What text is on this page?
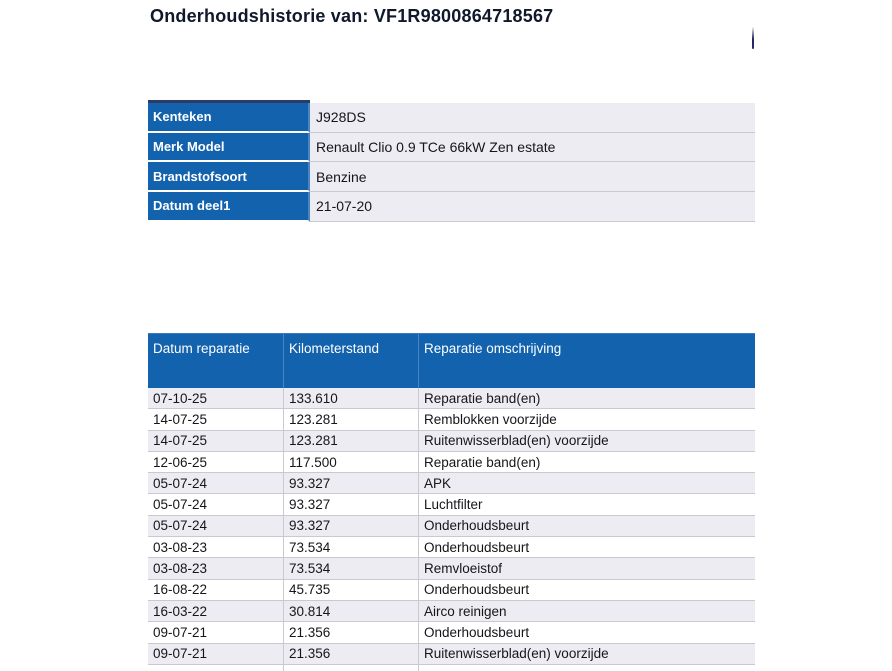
Onderhoudshistorie van: VF1R9800864718567
Kenteken	J928DS
Merk Model	Renault Clio 0.9 TCe 66kW Zen estate
Brandstofsoort	Benzine
Datum deel1	21-07-20
Datum reparatie	Kilometerstand	Reparatie omschrijving
07-10-25	133.610	Reparatie band(en)
14-07-25	123.281	Remblokken voorzijde
14-07-25	123.281	Ruitenwisserblad(en) voorzijde
12-06-25	117.500	Reparatie band(en)
05-07-24	93.327	APK
05-07-24	93.327	Luchtfilter
05-07-24	93.327	Onderhoudsbeurt
03-08-23	73.534	Onderhoudsbeurt
03-08-23	73.534	Remvloeistof
16-08-22	45.735	Onderhoudsbeurt
16-03-22	30.814	Airco reinigen
09-07-21	21.356	Onderhoudsbeurt
09-07-21	21.356	Ruitenwisserblad(en) voorzijde
